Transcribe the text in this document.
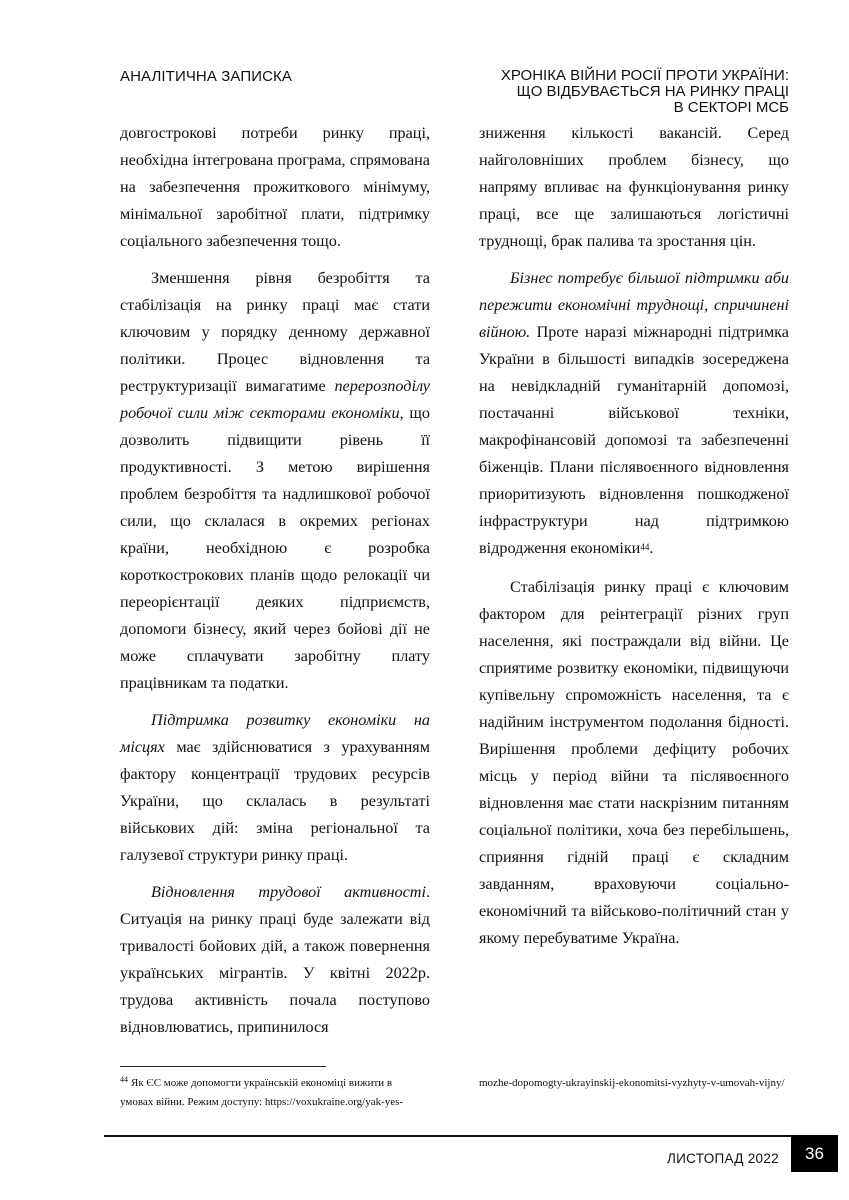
АНАЛІТИЧНА ЗАПИСКА	ХРОНІКА ВІЙНИ РОСІЇ ПРОТИ УКРАЇНИ:
ЩО ВІДБУВАЄТЬСЯ НА РИНКУ ПРАЦІ
В СЕКТОРІ МСБ

довгострокові потреби ринку праці, необхідна інтегрована програма, спрямована на забезпечення прожиткового мінімуму, мінімальної заробітної плати, підтримку соціального забезпечення тощо.

Зменшення рівня безробіття та стабілізація на ринку праці має стати ключовим у порядку денному державної політики. Процес відновлення та реструктуризації вимагатиме перерозподілу робочої сили між секторами економіки, що дозволить підвищити рівень її продуктивності. З метою вирішення проблем безробіття та надлишкової робочої сили, що склалася в окремих регіонах країни, необхідною є розробка короткострокових планів щодо релокації чи переорієнтації деяких підприємств, допомоги бізнесу, який через бойові дії не може сплачувати заробітну плату працівникам та податки.

Підтримка розвитку економіки на місцях має здійснюватися з урахуванням фактору концентрації трудових ресурсів України, що склалась в результаті військових дій: зміна регіональної та галузевої структури ринку праці.

Відновлення трудової активності. Ситуація на ринку праці буде залежати від тривалості бойових дій, а також повернення українських мігрантів. У квітні 2022р. трудова активність почала поступово відновлюватись, припинилося

зниження кількості вакансій. Серед найголовніших проблем бізнесу, що напряму впливає на функціонування ринку праці, все ще залишаються логістичні труднощі, брак палива та зростання цін.

Бізнес потребує більшої підтримки аби пережити економічні труднощі, спричинені війною. Проте наразі міжнародні підтримка України в більшості випадків зосереджена на невідкладній гуманітарній допомозі, постачанні військової техніки, макрофінансовій допомозі та забезпеченні біженців. Плани післявоєнного відновлення приоритизують відновлення пошкодженої інфраструктури над підтримкою відродження економіки$^{44}$.

Стабілізація ринку праці є ключовим фактором для реінтеграції різних груп населення, які постраждали від війни. Це сприятиме розвитку економіки, підвищуючи купівельну спроможність населення, та є надійним інструментом подолання бідності. Вирішення проблеми дефіциту робочих місць у період війни та післявоєнного відновлення має стати наскрізним питанням соціальної політики, хоча без перебільшень, сприяння гідній праці є складним завданням, враховуючи соціально-економічний та військово-політичний стан у якому перебуватиме Україна.

$^{44}$ Як ЄС може допомогти українській економіці вижити в умовах війни. Режим доступу: https://voxukraine.org/yak-yes-
mozhe-dopomogty-ukrayinskij-ekonomitsi-vyzhyty-v-umovah-vijny/
ЛИСТОПАД 2022	36
